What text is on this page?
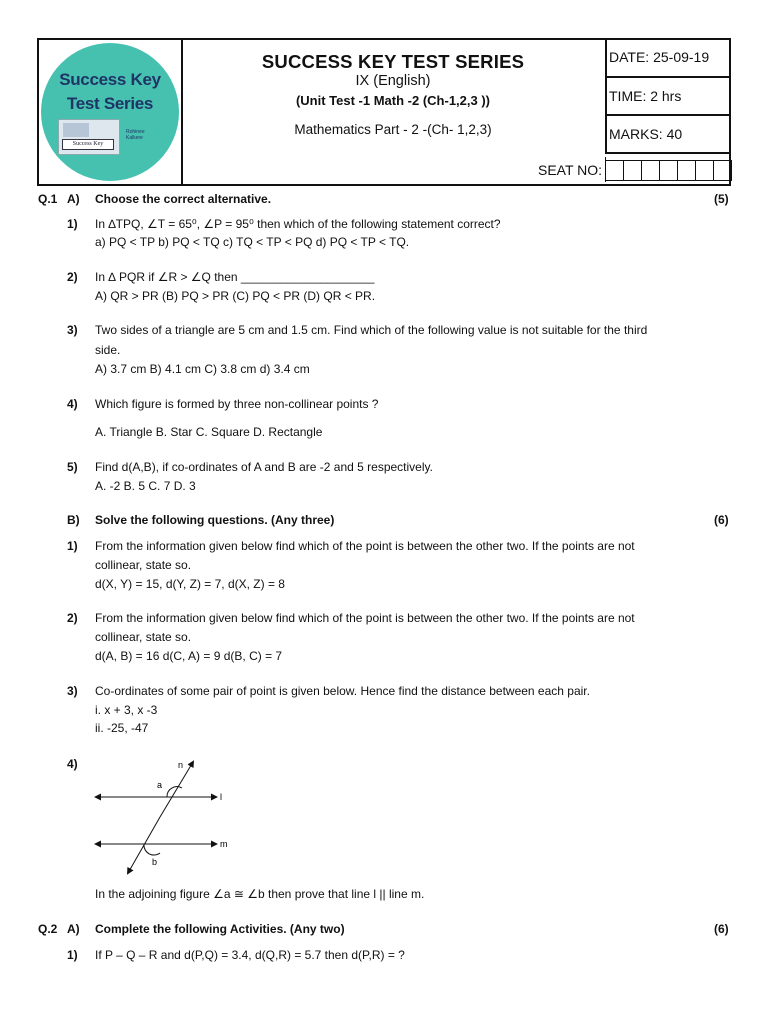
Success Key
Test Series
Success Key
Rohinee Kalkere
SUCCESS KEY TEST SERIES
IX (English)
(Unit Test -1 Math -2 (Ch-1,2,3 ))
Mathematics Part - 2 -(Ch- 1,2,3)
DATE: 25-09-19
TIME: 2 hrs
MARKS: 40
SEAT NO:
Q.1 A) Choose the correct alternative.	(5)
1) In ∆TPQ, ∠T = 65⁰, ∠P = 95⁰ then which of the following statement correct?
a) PQ < TP b) PQ < TQ c) TQ < TP < PQ d) PQ < TP < TQ.
2) In ∆ PQR if ∠R > ∠Q then ____________________
A) QR > PR (B) PQ > PR (C) PQ < PR (D) QR < PR.
3) Two sides of a triangle are 5 cm and 1.5 cm. Find which of the following value is not suitable for the third
side.
A) 3.7 cm B) 4.1 cm C) 3.8 cm d) 3.4 cm
4) Which figure is formed by three non-collinear points ?
A. Triangle B. Star C. Square D. Rectangle
5) Find d(A,B), if co-ordinates of A and B are -2 and 5 respectively.
A. -2 B. 5 C. 7 D. 3
B) Solve the following questions. (Any three)	(6)
1) From the information given below find which of the point is between the other two. If the points are not
collinear, state so.
d(X, Y) = 15, d(Y, Z) = 7, d(X, Z) = 8
2) From the information given below find which of the point is between the other two. If the points are not
collinear, state so.
d(A, B) = 16 d(C, A) = 9 d(B, C) = 7
3) Co-ordinates of some pair of point is given below. Hence find the distance between each pair.
i. x + 3, x -3
ii. -25, -47
4)	n
l
m
a
b
In the adjoining figure ∠a ≅ ∠b then prove that line l || line m.
Q.2 A) Complete the following Activities. (Any two)	(6)
1) If P – Q – R and d(P,Q) = 3.4, d(Q,R) = 5.7 then d(P,R) = ?
